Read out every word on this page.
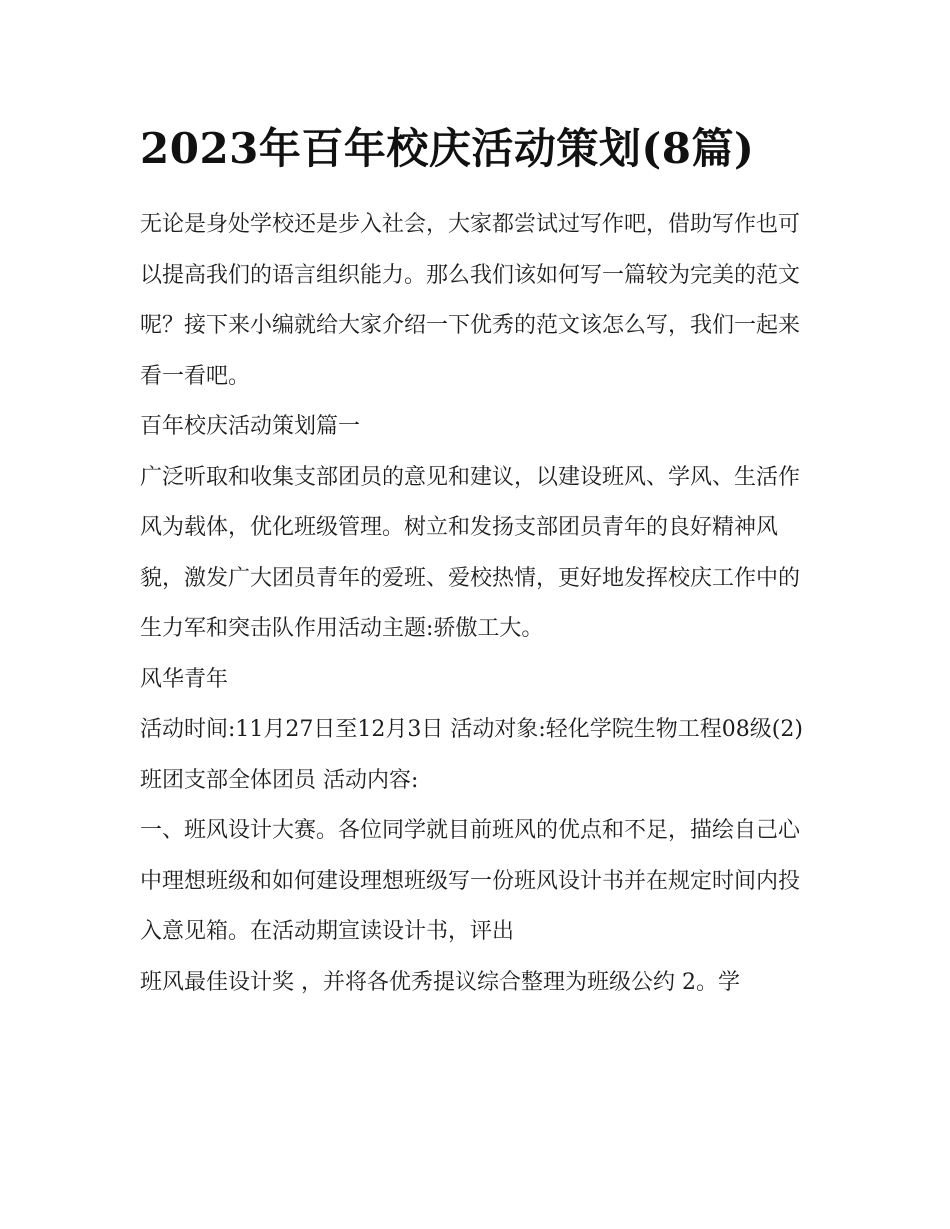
2023年百年校庆活动策划(8篇)

无论是身处学校还是步入社会，大家都尝试过写作吧，借助写作也可以提高我们的语言组织能力。那么我们该如何写一篇较为完美的范文呢？接下来小编就给大家介绍一下优秀的范文该怎么写，我们一起来看一看吧。

百年校庆活动策划篇一

广泛听取和收集支部团员的意见和建议，以建设班风、学风、生活作风为载体，优化班级管理。树立和发扬支部团员青年的良好精神风貌，激发广大团员青年的爱班、爱校热情，更好地发挥校庆工作中的生力军和突击队作用活动主题:骄傲工大。

风华青年

活动时间:11月27日至12月3日 活动对象:轻化学院生物工程08级(2)班团支部全体团员 活动内容:

一、班风设计大赛。各位同学就目前班风的优点和不足，描绘自己心中理想班级和如何建设理想班级写一份班风设计书并在规定时间内投入意见箱。在活动期宣读设计书，评出

班风最佳设计奖 ，并将各优秀提议综合整理为班级公约 2。学
